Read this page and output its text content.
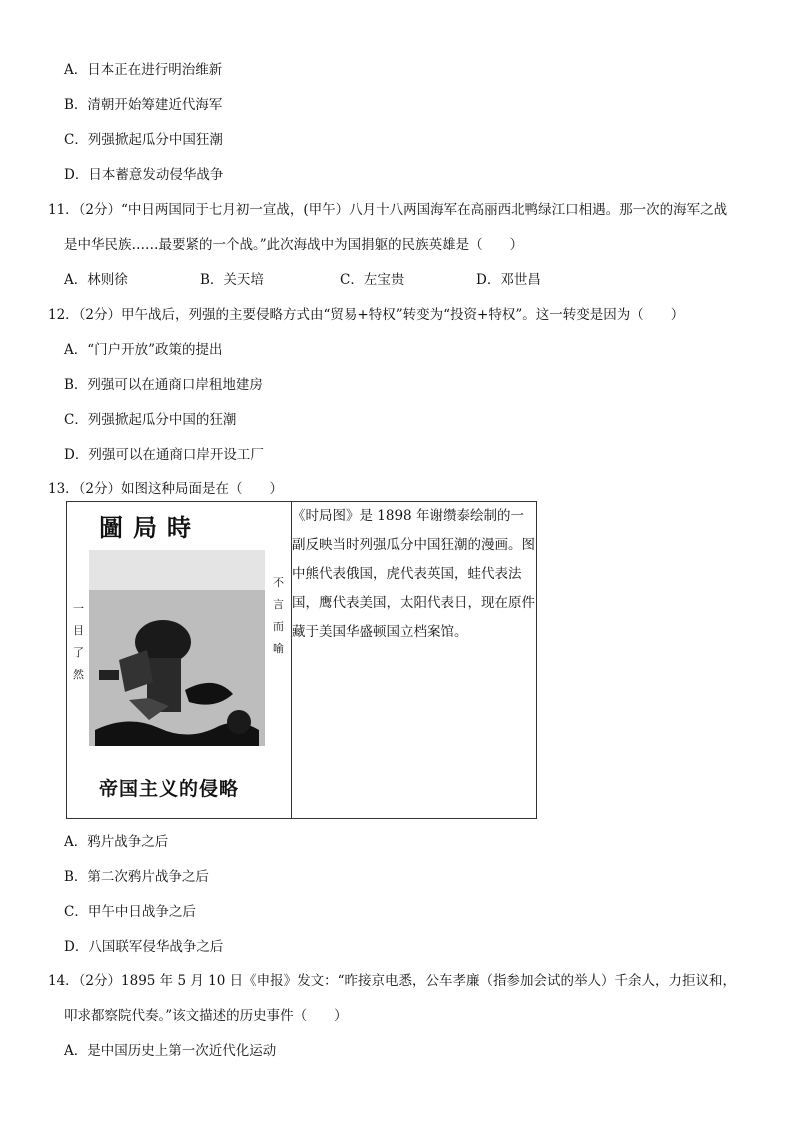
A．日本正在进行明治维新
B．清朝开始筹建近代海军
C．列强掀起瓜分中国狂潮
D．日本蓄意发动侵华战争
11．（2分）“中日两国同于七月初一宣战，(甲午）八月十八两国海军在高丽西北鸭绿江口相遇。那一次的海军之战
是中华民族……最要紧的一个战。”此次海战中为国捐躯的民族英雄是（　　）
A．林则徐	B．关天培	C．左宝贵	D．邓世昌
12．（2分）甲午战后，列强的主要侵略方式由“贸易+特权”转变为“投资+特权”。这一转变是因为（　　）
A．“门户开放”政策的提出
B．列强可以在通商口岸租地建房
C．列强掀起瓜分中国的狂潮
D．列强可以在通商口岸开设工厂
13．（2分）如图这种局面是在（　　）
圖局時
不言而喻
一目了然
帝国主义的侵略
	《时局图》是 1898 年谢缵泰绘制的一副反映当时列强瓜分中国狂潮的漫画。图中熊代表俄国，虎代表英国，蛙代表法国，鹰代表美国，太阳代表日，现在原件藏于美国华盛顿国立档案馆。
A．鸦片战争之后
B．第二次鸦片战争之后
C．甲午中日战争之后
D．八国联军侵华战争之后
14．（2分）1895 年 5 月 10 日《申报》发文：“昨接京电悉，公车孝廉（指参加会试的举人）千余人，力拒议和，
叩求都察院代奏。”该文描述的历史事件（　　）
A．是中国历史上第一次近代化运动
